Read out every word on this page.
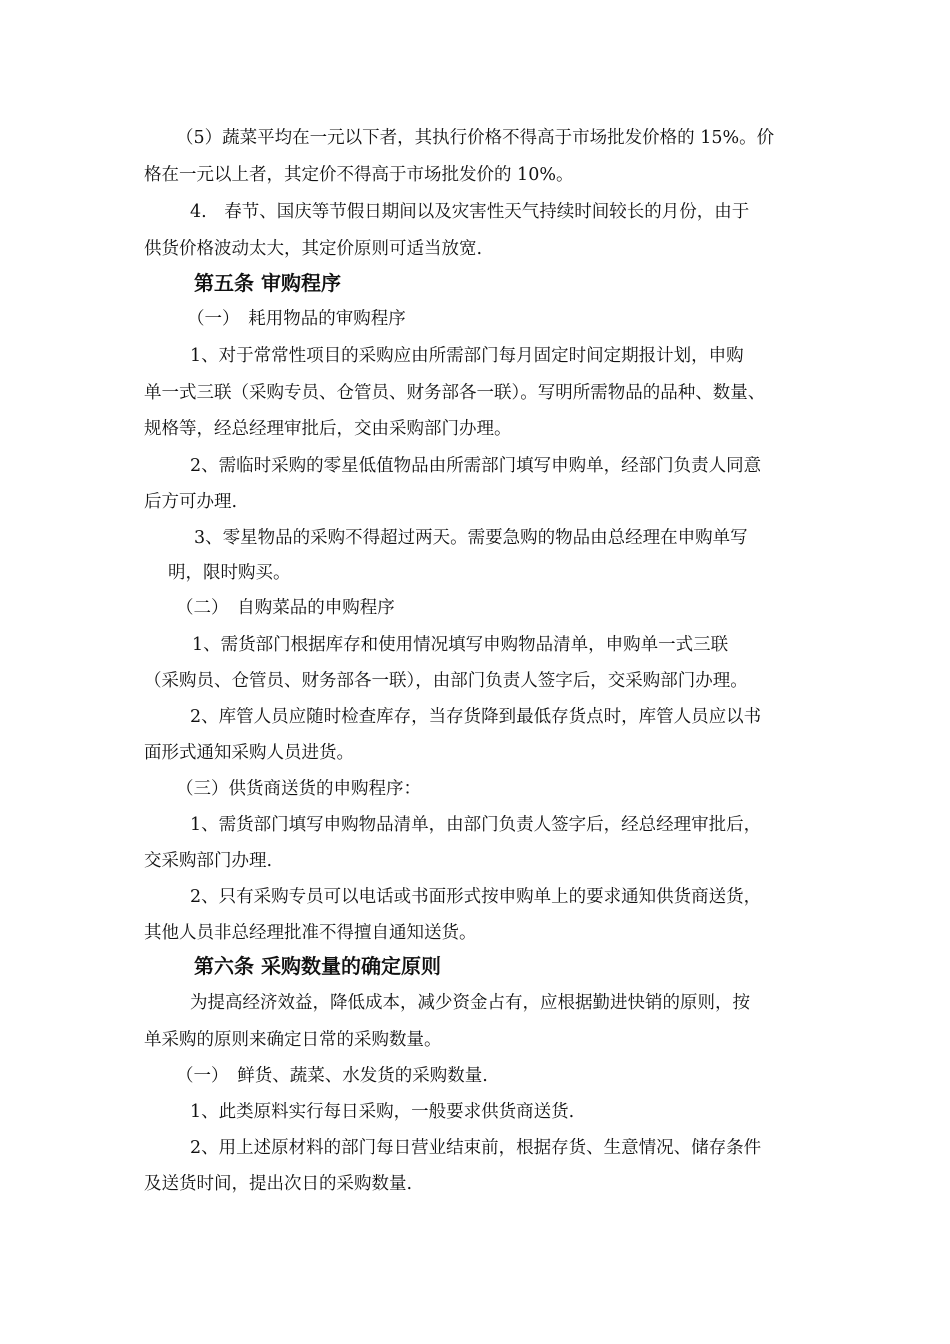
（5）蔬菜平均在一元以下者，其执行价格不得高于市场批发价格的 15%。价
格在一元以上者，其定价不得高于市场批发价的 10%。
4.　春节、国庆等节假日期间以及灾害性天气持续时间较长的月份，由于
供货价格波动太大，其定价原则可适当放宽.
第五条 审购程序
（一）　耗用物品的审购程序
1、对于常常性项目的采购应由所需部门每月固定时间定期报计划，申购
单一式三联（采购专员、仓管员、财务部各一联）。写明所需物品的品种、数量、
规格等，经总经理审批后，交由采购部门办理。
2、需临时采购的零星低值物品由所需部门填写申购单，经部门负责人同意
后方可办理.
3、零星物品的采购不得超过两天。需要急购的物品由总经理在申购单写
明，限时购买。
（二）　自购菜品的申购程序
1、需货部门根据库存和使用情况填写申购物品清单，申购单一式三联
（采购员、仓管员、财务部各一联），由部门负责人签字后，交采购部门办理。
2、库管人员应随时检查库存，当存货降到最低存货点时，库管人员应以书
面形式通知采购人员进货。
（三）供货商送货的申购程序：
1、需货部门填写申购物品清单，由部门负责人签字后，经总经理审批后，
交采购部门办理.
2、只有采购专员可以电话或书面形式按申购单上的要求通知供货商送货，
其他人员非总经理批准不得擅自通知送货。
第六条 采购数量的确定原则
为提高经济效益，降低成本，减少资金占有，应根据勤进快销的原则，按
单采购的原则来确定日常的采购数量。
（一）　鲜货、蔬菜、水发货的采购数量.
1、此类原料实行每日采购，一般要求供货商送货.
2、用上述原材料的部门每日营业结束前，根据存货、生意情况、储存条件
及送货时间，提出次日的采购数量.
